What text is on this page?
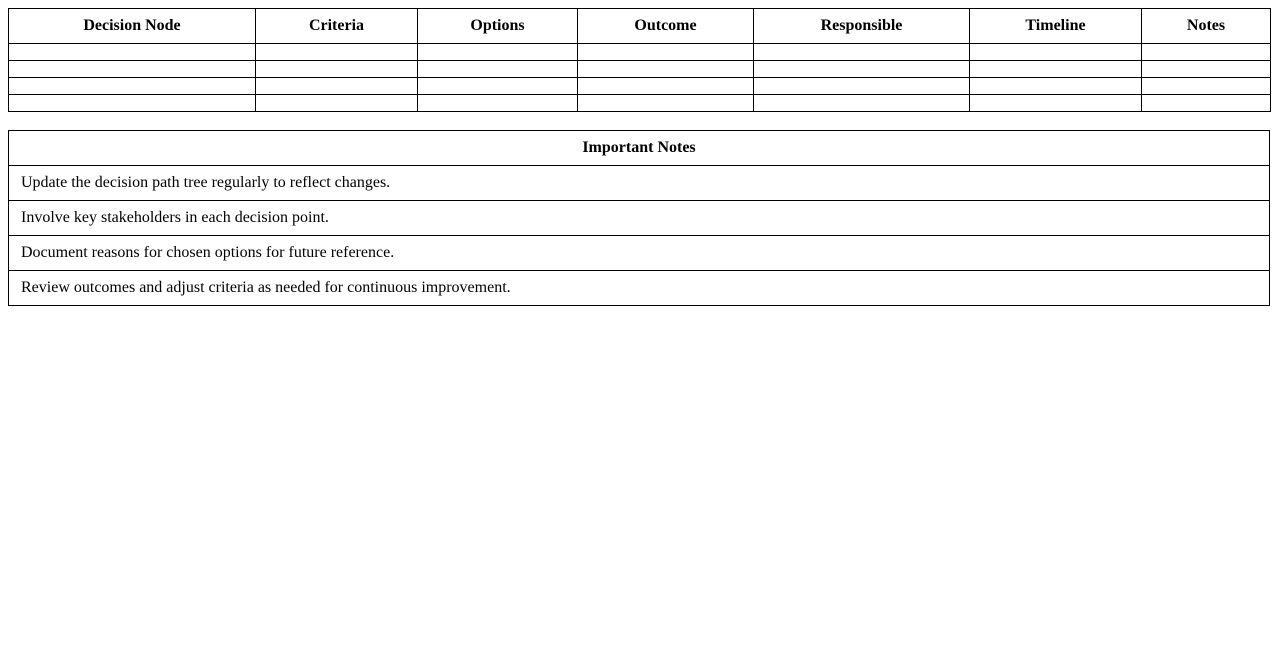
Decision Node	Criteria	Options	Outcome	Responsible	Timeline	Notes

Important Notes
Update the decision path tree regularly to reflect changes.
Involve key stakeholders in each decision point.
Document reasons for chosen options for future reference.
Review outcomes and adjust criteria as needed for continuous improvement.
